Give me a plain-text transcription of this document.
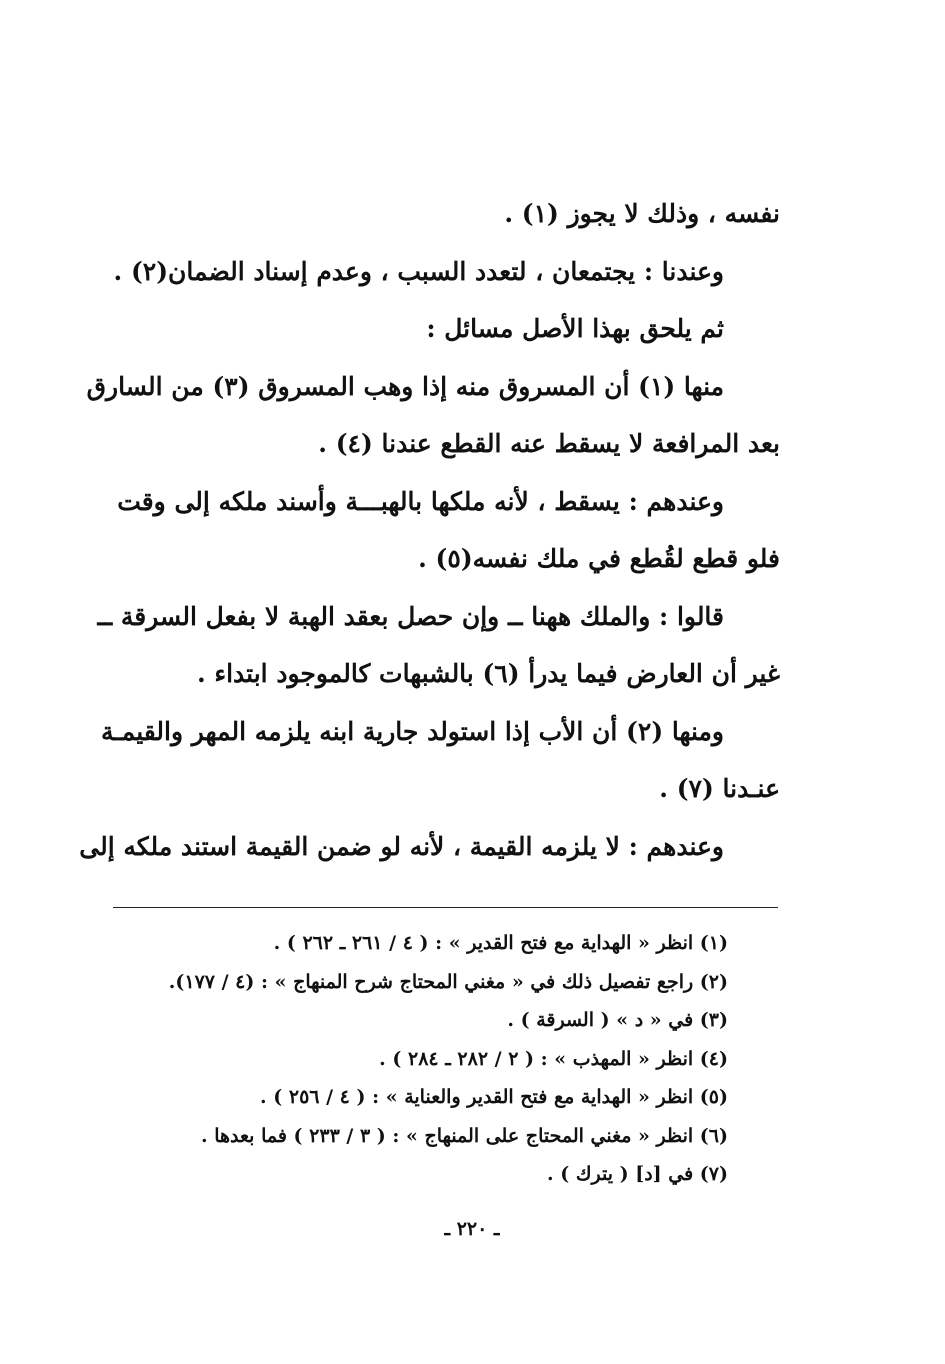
نفسه ، وذلك لا يجوز (١) .
وعندنا : يجتمعان ، لتعدد السبب ، وعدم إسناد الضمان(٢) .
ثم يلحق بهذا الأصل مسائل :
منها (١) أن المسروق منه إذا وهب المسروق (٣) من السارق
بعد المرافعة لا يسقط عنه القطع عندنا (٤) .
وعندهم : يسقط ، لأنه ملكها بالهبـــة وأسند ملكه إلى وقت
فلو قطع لقُطع في ملك نفسه(٥) .
قالوا : والملك ههنا ــ وإن حصل بعقد الهبة لا بفعل السرقة ــ
غير أن العارض فيما يدرأ (٦) بالشبهات كالموجود ابتداء .
ومنها (٢) أن الأب إذا استولد جارية ابنه يلزمه المهر والقيمـة
عنـدنا (٧) .
وعندهم : لا يلزمه القيمة ، لأنه لو ضمن القيمة استند ملكه إلى
(١) انظر « الهداية مع فتح القدير » : ( ٤ / ٢٦١ ـ ٢٦٢ ) .
(٢) راجع تفصيل ذلك في « مغني المحتاج شرح المنهاج » : (٤ / ١٧٧).
(٣) في « د » ( السرقة ) .
(٤) انظر « المهذب » : ( ٢ / ٢٨٢ ـ ٢٨٤ ) .
(٥) انظر « الهداية مع فتح القدير والعناية » : ( ٤ / ٢٥٦ ) .
(٦) انظر « مغني المحتاج على المنهاج » : ( ٣ / ٢٣٣ ) فما بعدها .
(٧) في [د] ( يترك ) .
ـ ٢٢٠ ـ
